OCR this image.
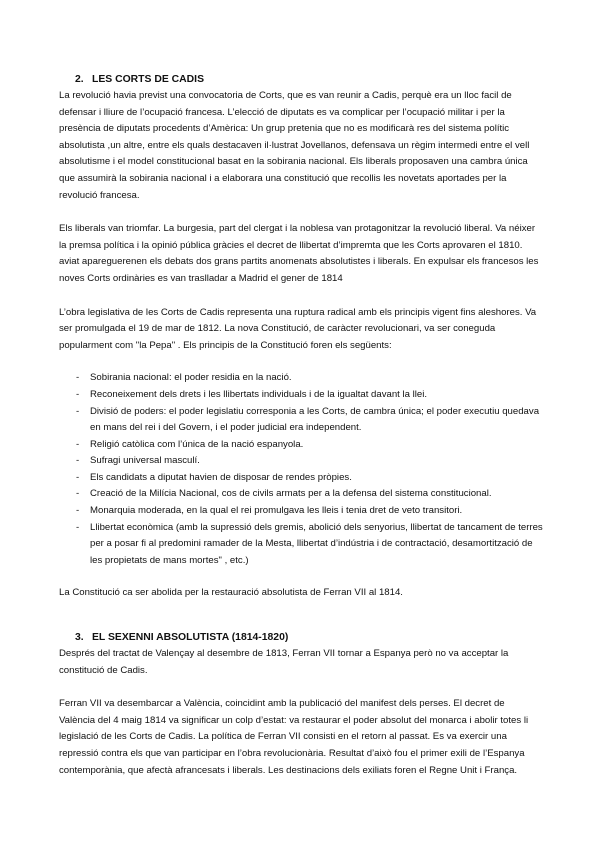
2. LES CORTS DE CADIS

La revolució havia previst una convocatoria de Corts, que es van reunir a Cadis, perquè era un lloc facil de defensar i lliure de l’ocupació francesa. L’elecció de diputats es va complicar per l’ocupació militar i per la presència de diputats procedents d’Amèrica: Un grup pretenia que no es modificarà res del sistema polític absolutista ,un altre, entre els quals destacaven il·lustrat Jovellanos, defensava un règim intermedi entre el vell absolutisme i el model constitucional basat en la sobirania nacional. Els liberals proposaven una cambra única que assumirà la sobirania nacional i a elaborara una constitució que recollis les novetats aportades per la revolució francesa.

Els liberals van triomfar. La burgesia, part del clergat i la noblesa van protagonitzar la revolució liberal. Va néixer la premsa política i la opinió pública gràcies el decret de llibertat d’impremta que les Corts aprovaren el 1810. aviat apareguerenen els debats dos grans partits anomenats absolutistes i liberals. En expulsar els francesos les noves Corts ordinàries es van traslladar a Madrid el gener de 1814

L’obra legislativa de les Corts de Cadis representa una ruptura radical amb els principis vigent fins aleshores. Va ser promulgada el 19 de mar de 1812. La nova Constitució, de caràcter revolucionari, va ser coneguda popularment com "la Pepa" . Els principis de la Constitució foren els següents:

- Sobirania nacional: el poder residia en la nació.
- Reconeixement dels drets i les llibertats individuals i de la igualtat davant la llei.
- Divisió de poders: el poder legislatiu corresponia a les Corts, de cambra única; el poder executiu quedava en mans del rei i del Govern, i el poder judicial era independent.
- Religió catòlica com l’única de la nació espanyola.
- Sufragi universal masculí.
- Els candidats a diputat havien de disposar de rendes pròpies.
- Creació de la Milícia Nacional, cos de civils armats per a la defensa del sistema constitucional.
- Monarquia moderada, en la qual el rei promulgava les lleis i tenia dret de veto transitori.
- Llibertat econòmica (amb la supressió dels gremis, abolició dels senyorius, llibertat de tancament de terres per a posar fi al predomini ramader de la Mesta, llibertat d’indústria i de contractació, desamortització de les propietats de mans mortes" , etc.)

La Constitució ca ser abolida per la restauració absolutista de Ferran VII al 1814.

3. EL SEXENNI ABSOLUTISTA (1814-1820)

Després del tractat de Valençay al desembre de 1813, Ferran VII tornar a Espanya però no va acceptar la constitució de Cadis.

Ferran VII va desembarcar a València, coincidint amb la publicació del manifest dels perses. El decret de València del 4 maig 1814 va significar un colp d’estat: va restaurar el poder absolut del monarca i abolir totes li legislació de les Corts de Cadis. La política de Ferran VII consisti en el retorn al passat. Es va exercir una repressió contra els que van participar en l’obra revolucionària. Resultat d’això fou el primer exili de l’Espanya contemporània, que afectà afrancesats i liberals. Les destinacions dels exiliats foren el Regne Unit i França.
